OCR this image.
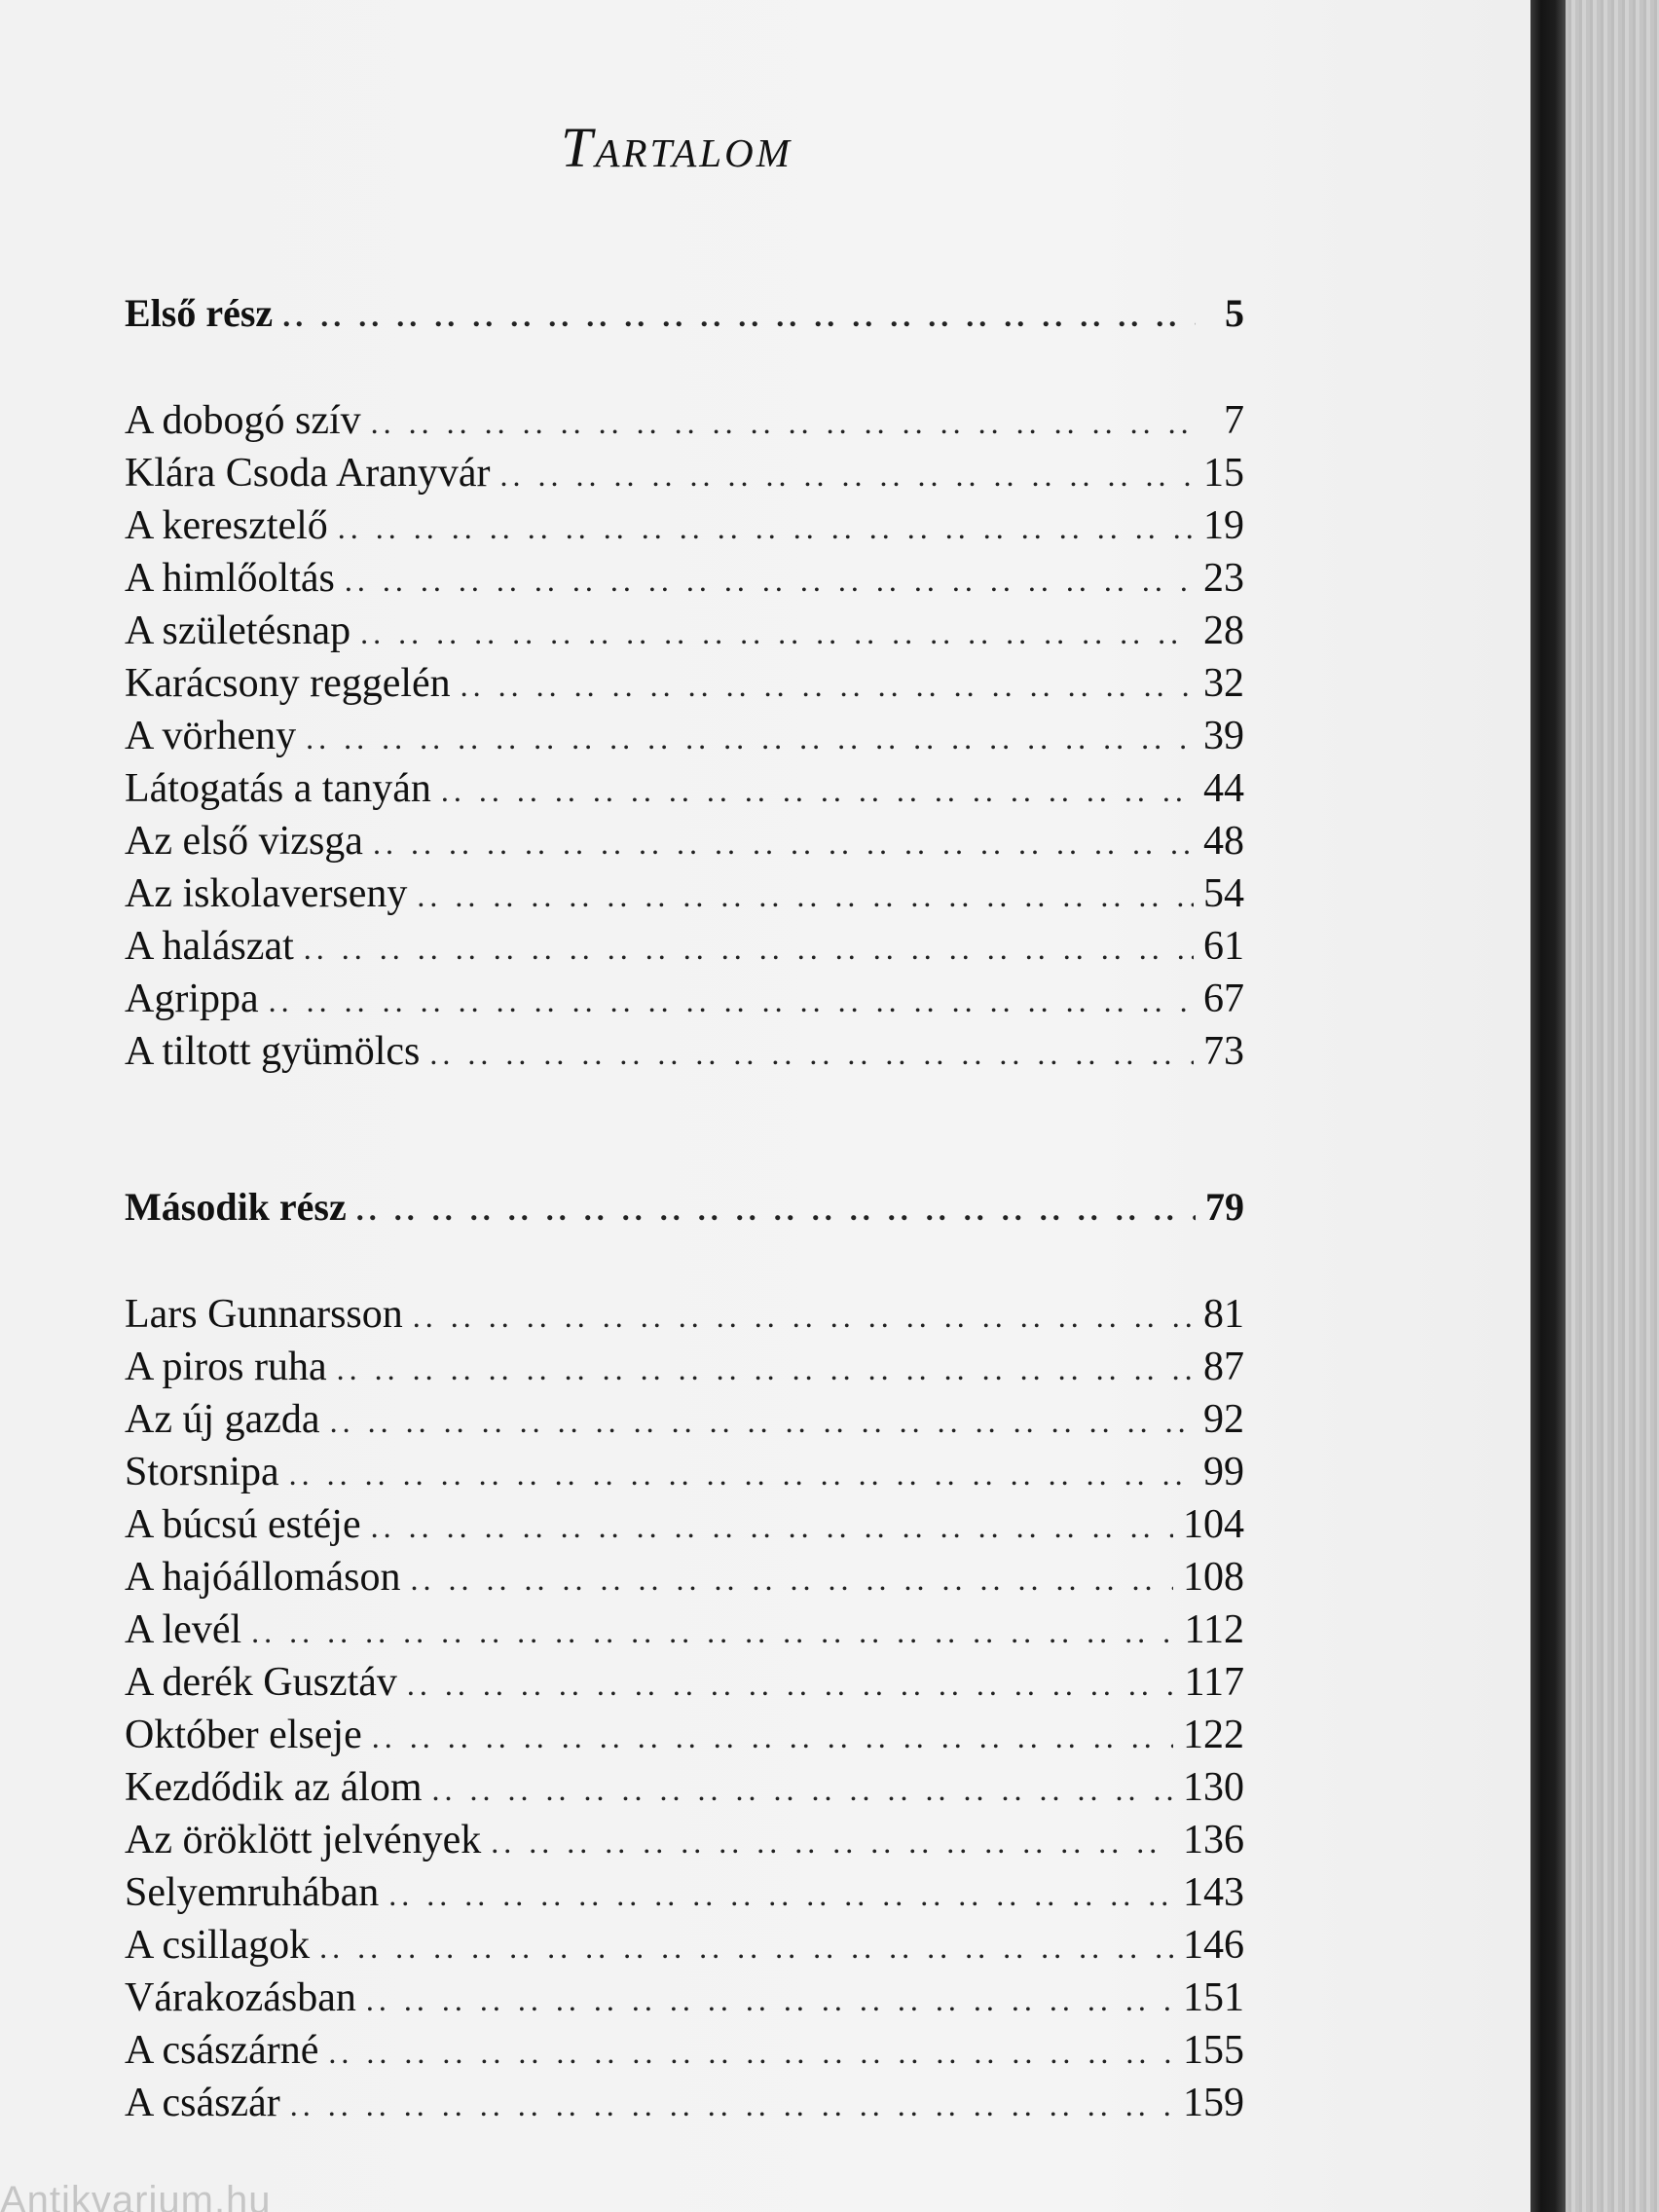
Tartalom
Első rész .. ..	5
A dobogó szív .. ..	7
Klára Csoda Aranyvár .. ..	15
A keresztelő .. ..	19
A himlőoltás .. ..	23
A születésnap .. ..	28
Karácsony reggelén .. ..	32
A vörheny .. ..	39
Látogatás a tanyán .. ..	44
Az első vizsga .. ..	48
Az iskolaverseny .. ..	54
A halászat .. ..	61
Agrippa .. ..	67
A tiltott gyümölcs .. ..	73
Második rész .. ..	79
Lars Gunnarsson .. ..	81
A piros ruha .. ..	87
Az új gazda .. ..	92
Storsnipa .. ..	99
A búcsú estéje .. ..	104
A hajóállomáson .. ..	108
A levél .. ..	112
A derék Gusztáv .. ..	117
Október elseje .. ..	122
Kezdődik az álom .. ..	130
Az öröklött jelvények .. ..	136
Selyemruhában .. ..	143
A csillagok .. ..	146
Várakozásban .. ..	151
A császárné .. ..	155
A császár .. ..	159
Antikvarium.hu
